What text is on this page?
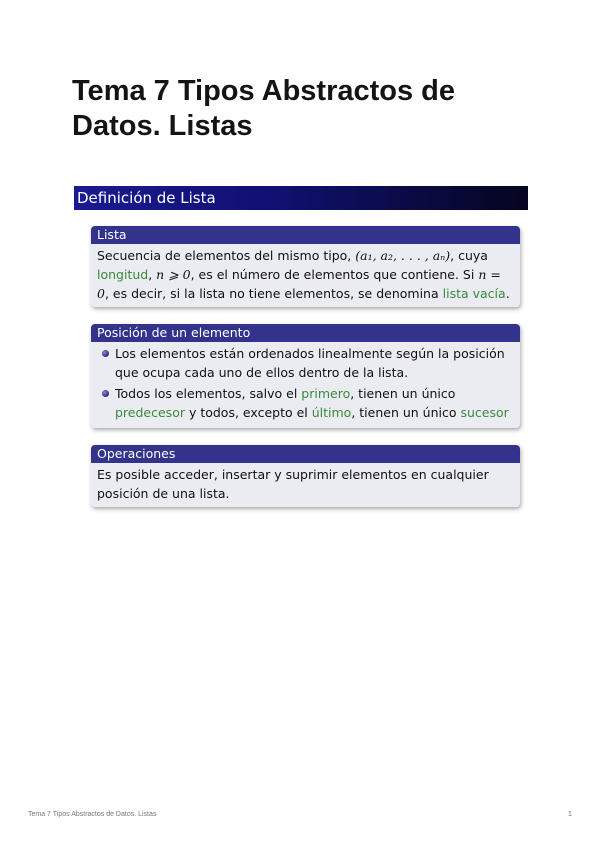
Tema 7 Tipos Abstractos de Datos. Listas
Definición de Lista
Lista
Secuencia de elementos del mismo tipo, (a₁, a₂, . . . , aₙ), cuya longitud, n ⩾ 0, es el número de elementos que contiene. Si n = 0, es decir, si la lista no tiene elementos, se denomina lista vacía.
Posición de un elemento
Los elementos están ordenados linealmente según la posición que ocupa cada uno de ellos dentro de la lista.
Todos los elementos, salvo el primero, tienen un único predecesor y todos, excepto el último, tienen un único sucesor
Operaciones
Es posible acceder, insertar y suprimir elementos en cualquier posición de una lista.
Tema 7 Tipos Abstractos de Datos. Listas	1
